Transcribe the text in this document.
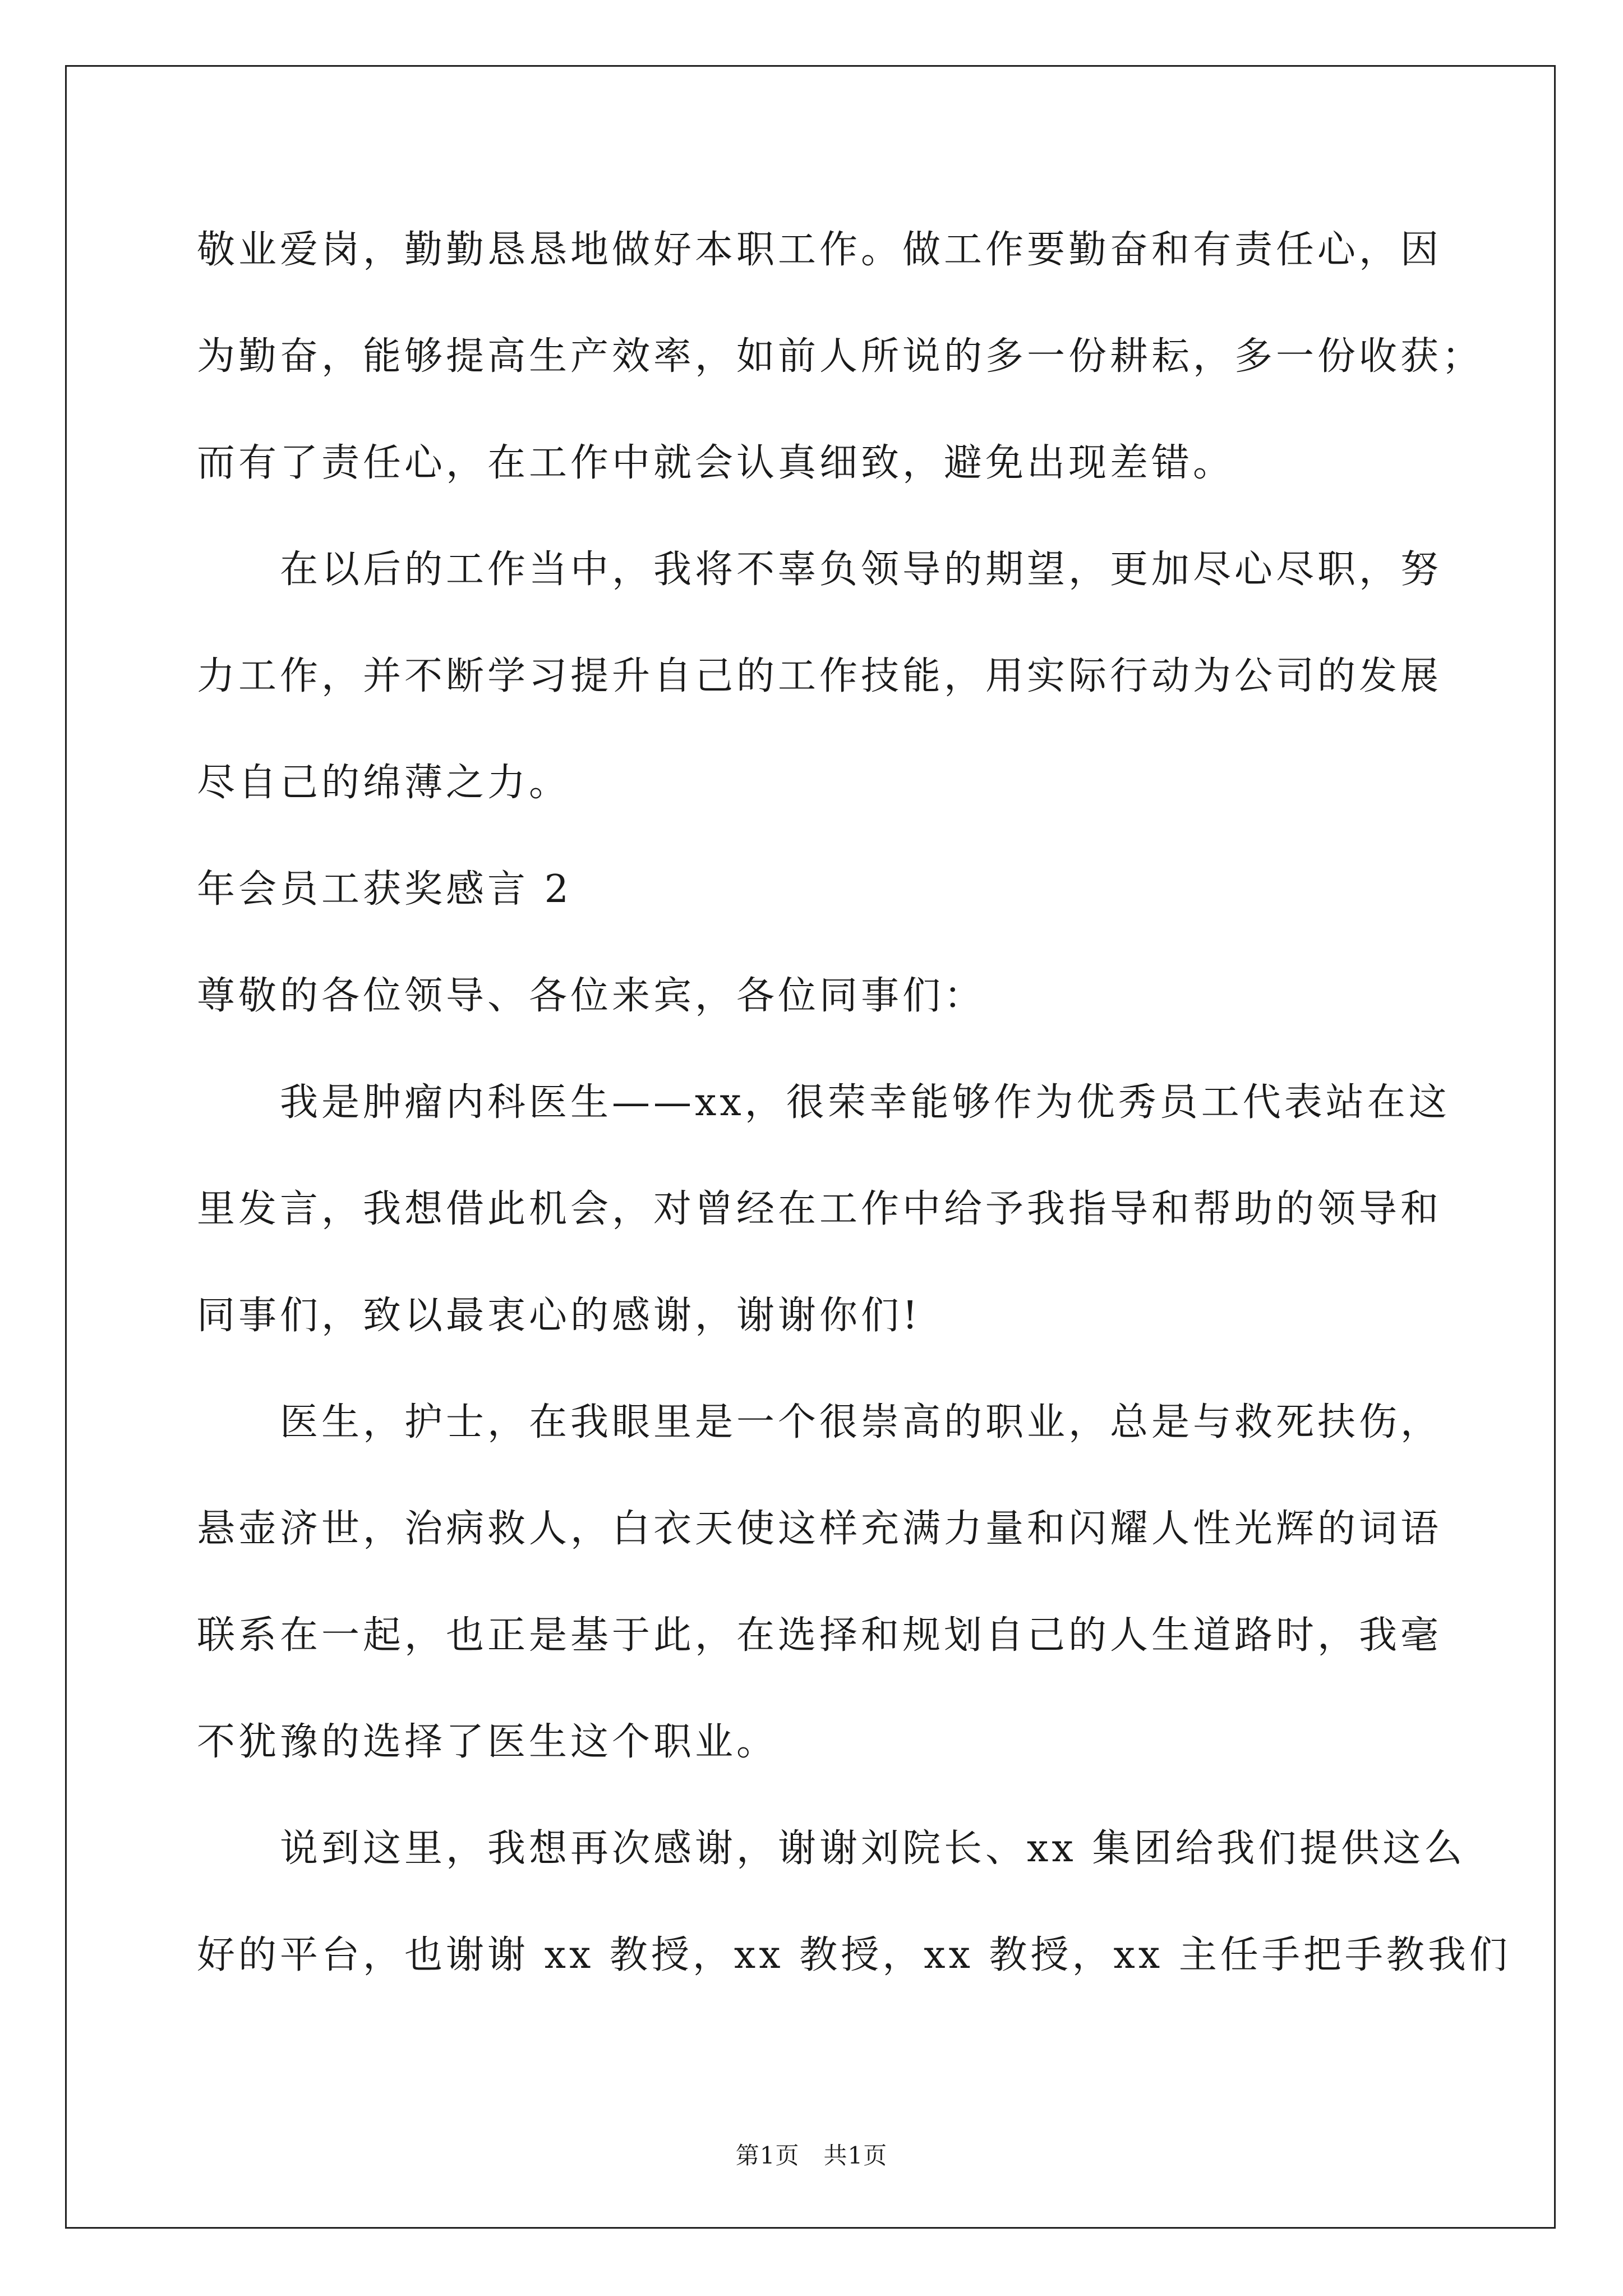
敬业爱岗，勤勤恳恳地做好本职工作。做工作要勤奋和有责任心，因
为勤奋，能够提高生产效率，如前人所说的多一份耕耘，多一份收获；
而有了责任心，在工作中就会认真细致，避免出现差错。
在以后的工作当中，我将不辜负领导的期望，更加尽心尽职，努
力工作，并不断学习提升自己的工作技能，用实际行动为公司的发展
尽自己的绵薄之力。
年会员工获奖感言 2
尊敬的各位领导、各位来宾，各位同事们：
我是肿瘤内科医生——xx，很荣幸能够作为优秀员工代表站在这
里发言，我想借此机会，对曾经在工作中给予我指导和帮助的领导和
同事们，致以最衷心的感谢，谢谢你们!
医生，护士，在我眼里是一个很崇高的职业，总是与救死扶伤，
悬壶济世，治病救人，白衣天使这样充满力量和闪耀人性光辉的词语
联系在一起，也正是基于此，在选择和规划自己的人生道路时，我毫
不犹豫的选择了医生这个职业。
说到这里，我想再次感谢，谢谢刘院长、xx 集团给我们提供这么
好的平台，也谢谢 xx 教授，xx 教授，xx 教授，xx 主任手把手教我们
第1页   共1页
